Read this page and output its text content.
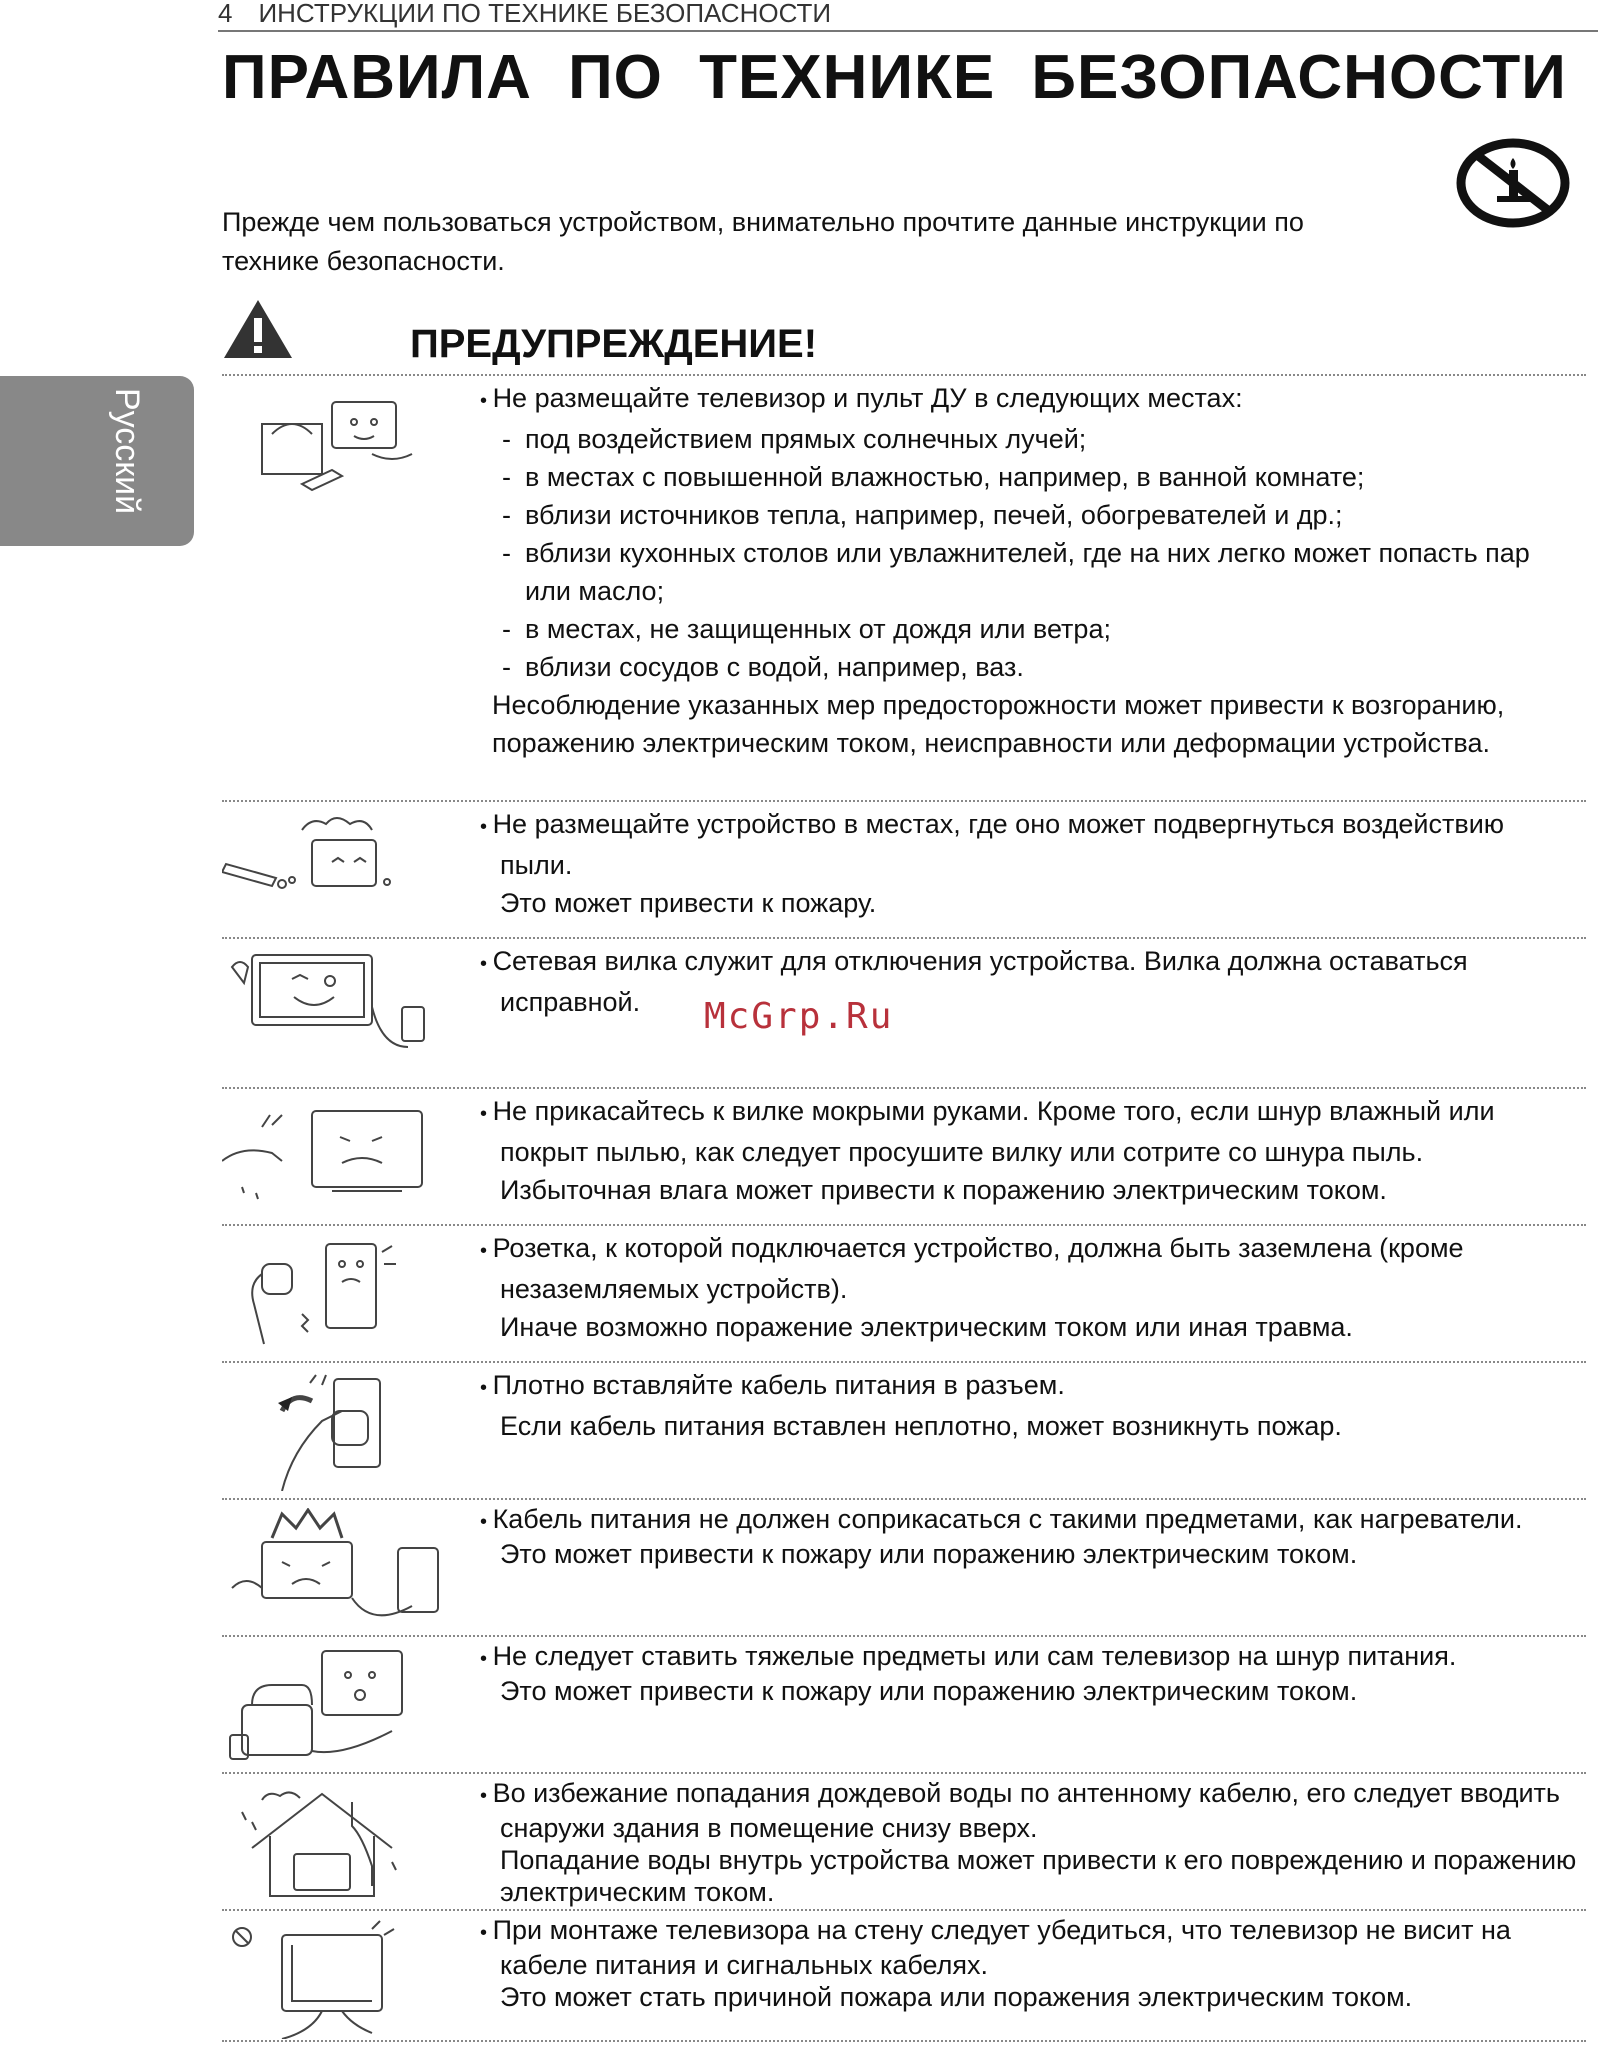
4 ИНСТРУКЦИИ ПО ТЕХНИКЕ БЕЗОПАСНОСТИ
ПРАВИЛА ПО ТЕХНИКЕ БЕЗОПАСНОСТИ

Прежде чем пользоваться устройством, внимательно прочтите данные инструкции по технике безопасности.

Русский
ПРЕДУПРЕЖДЕНИЕ!
• Не размещайте телевизор и пульт ДУ в следующих местах:
- под воздействием прямых солнечных лучей;
- в местах с повышенной влажностью, например, в ванной комнате;
- вблизи источников тепла, например, печей, обогревателей и др.;
- вблизи кухонных столов или увлажнителей, где на них легко может попасть пар или масло;
- в местах, не защищенных от дождя или ветра;
- вблизи сосудов с водой, например, ваз.
Несоблюдение указанных мер предосторожности может привести к возгоранию, поражению электрическим током, неисправности или деформации устройства.
• Не размещайте устройство в местах, где оно может подвергнуться воздействию пыли.
Это может привести к пожару.
• Сетевая вилка служит для отключения устройства. Вилка должна оставаться исправной.
• Не прикасайтесь к вилке мокрыми руками. Кроме того, если шнур влажный или покрыт пылью, как следует просушите вилку или сотрите со шнура пыль.
Избыточная влага может привести к поражению электрическим током.
• Розетка, к которой подключается устройство, должна быть заземлена (кроме незаземляемых устройств).
Иначе возможно поражение электрическим током или иная травма.
• Плотно вставляйте кабель питания в разъем.
Если кабель питания вставлен неплотно, может возникнуть пожар.
• Кабель питания не должен соприкасаться с такими предметами, как нагреватели.
Это может привести к пожару или поражению электрическим током.
• Не следует ставить тяжелые предметы или сам телевизор на шнур питания.
Это может привести к пожару или поражению электрическим током.
• Во избежание попадания дождевой воды по антенному кабелю, его следует вводить снаружи здания в помещение снизу вверх.
Попадание воды внутрь устройства может привести к его повреждению и поражению электрическим током.
• При монтаже телевизора на стену следует убедиться, что телевизор не висит на кабеле питания и сигнальных кабелях.
Это может стать причиной пожара или поражения электрическим током.
McGrp.Ru
